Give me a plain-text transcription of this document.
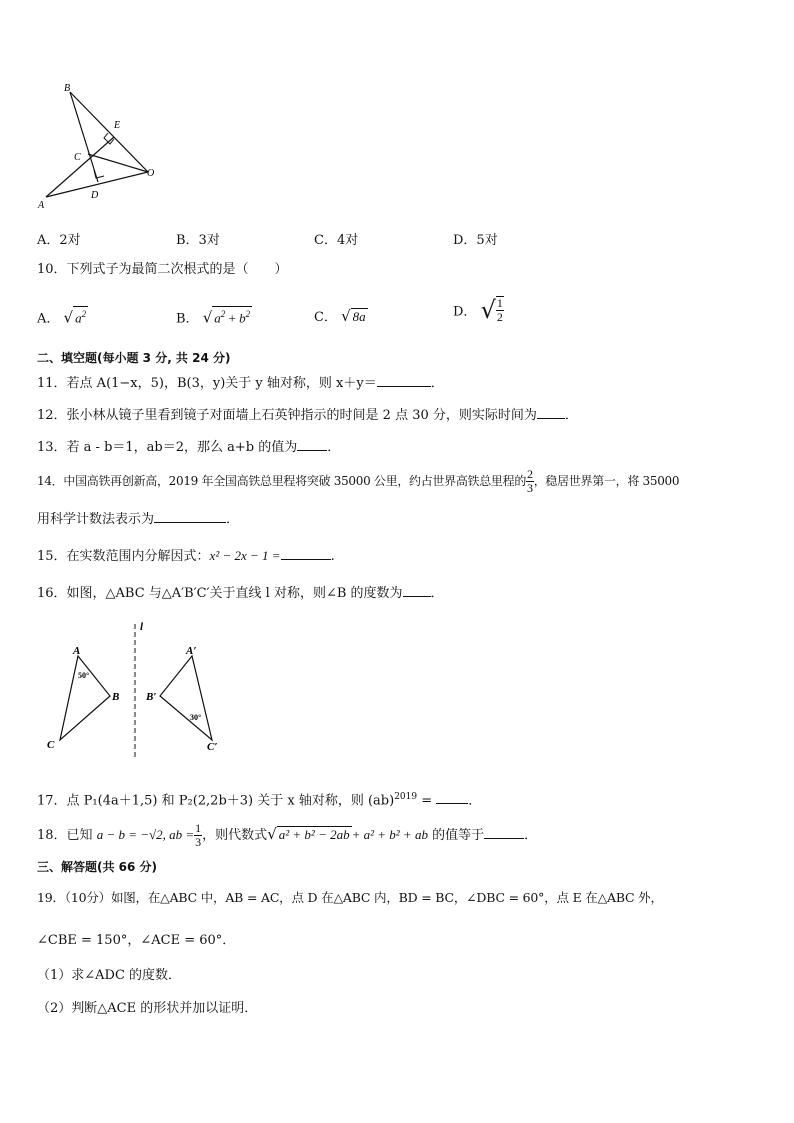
B
E
C
O
A
D
A．2对	B．3对	C．4对	D．5对
10．下列式子为最简二次根式的是（　　）
A． √ $a^2$	B． √ $a^2 + b^2$	C． √ 8a	D． √ $\frac{1}{2}$
二、填空题(每小题 3 分, 共 24 分)
11．若点 A(1−x，5)，B(3，y)关于 y 轴对称，则 x＋y＝	．
12．张小林从镜子里看到镜子对面墙上石英钟指示的时间是 2 点 30 分，则实际时间为 ．
13．若 a - b＝1，ab＝2，那么 a+b 的值为 ．
14．中国高铁再创新高，2019 年全国高铁总里程将突破 35000 公里，约占世界高铁总里程的 $\frac{2}{3}$ ，稳居世界第一，将 35000
用科学计数法表示为	．
15．在实数范围内分解因式：x² − 2x − 1 =	.
16．如图，△ABC 与△A′B′C′关于直线 l 对称，则∠B 的度数为 ．
l
A
B
C
A′
B′
C′
50°
30°
17．点 P₁(4a＋1,5) 和 P₂(2,2b＋3) 关于 x 轴对称，则 (ab)$^{2019}$ = ．
18．已知 a − b = −√2, ab = $\frac{1}{3}$ ，则代数式√ a² + b² − 2ab + a² + b² + ab 的值等于	．
三、解答题(共 66 分)
19．（10分）如图，在△ABC 中，AB = AC，点 D 在△ABC 内，BD = BC，∠DBC = 60°，点 E 在△ABC 外，
∠CBE = 150°，∠ACE = 60°．
（1）求∠ADC 的度数．
（2）判断△ACE 的形状并加以证明．
